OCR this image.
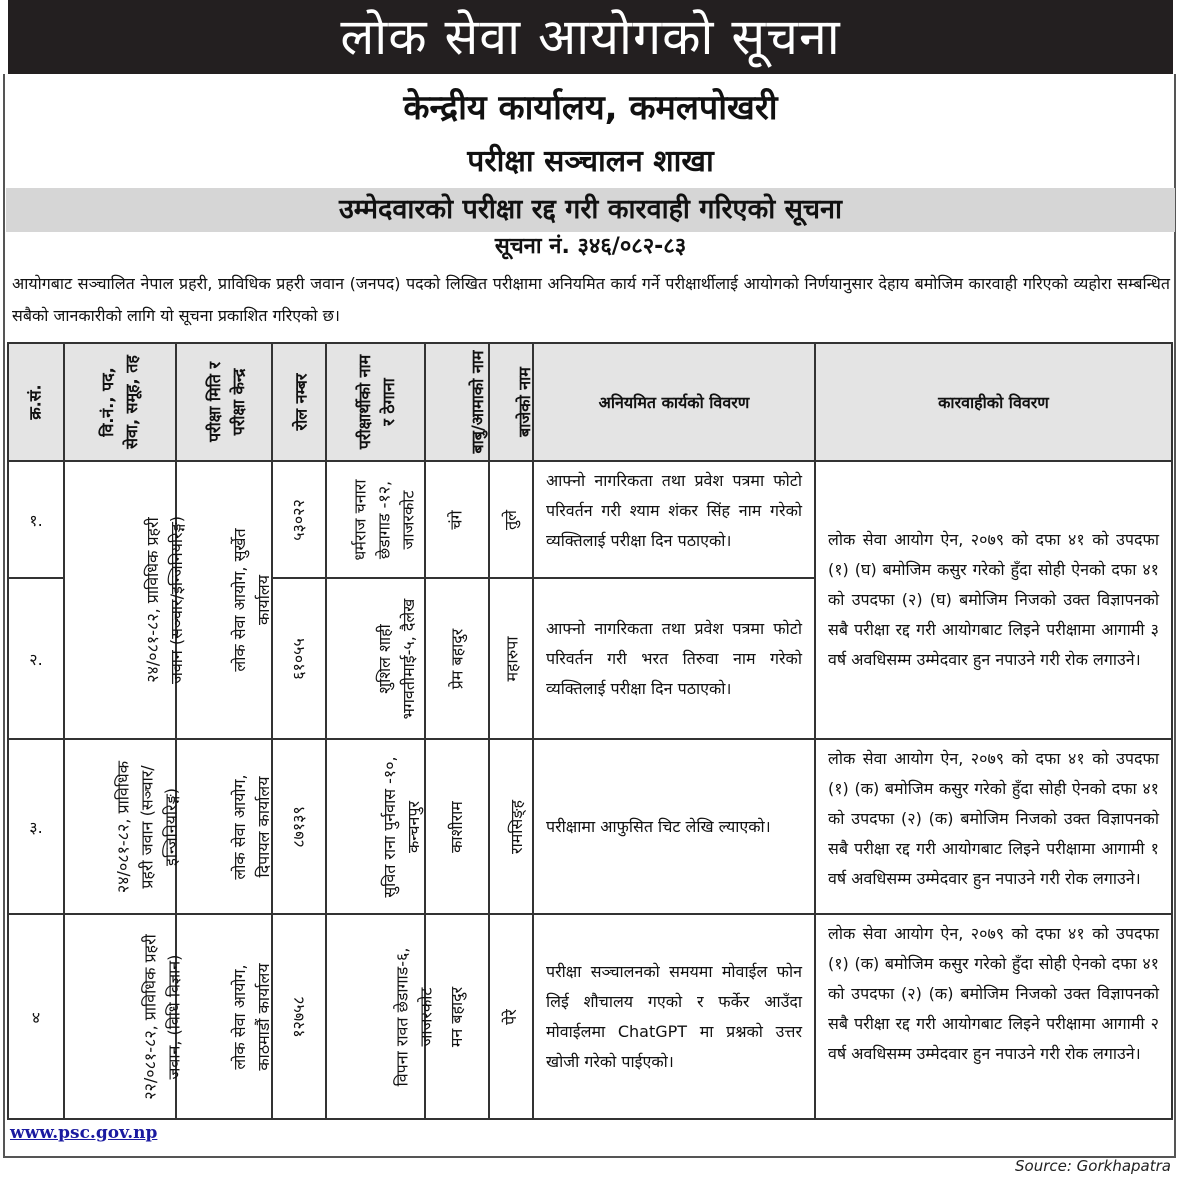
लोक सेवा आयोगको सूचना
केन्द्रीय कार्यालय, कमलपोखरी
परीक्षा सञ्चालन शाखा
उम्मेदवारको परीक्षा रद्द गरी कारवाही गरिएको सूचना
सूचना नं. ३४६/०८२-८३
आयोगबाट सञ्चालित नेपाल प्रहरी, प्राविधिक प्रहरी जवान (जनपद) पदको लिखित परीक्षामा अनियमित कार्य गर्ने परीक्षार्थीलाई आयोगको निर्णयानुसार देहाय बमोजिम कारवाही गरिएको व्यहोरा सम्बन्धित सबैको जानकारीको लागि यो सूचना प्रकाशित गरिएको छ।
क्र.सं.	वि.नं., पद, सेवा, समूह, तह	परीक्षा मिति र परीक्षा केन्द्र	रोल नम्बर	परीक्षार्थीको नाम र ठेगाना	बाबु/आमाको नाम	बाजेको नाम	अनियमित कार्यको विवरण	कारवाहीको विवरण
१.	२४/०८१-८२, प्राविधिक प्रहरी जवान (सञ्चार/इन्जिनियरिङ्ग)	लोक सेवा आयोग, सुर्खेत कार्यालय	५३०२२	धर्मराज चनारा छेडागाड -१२, जाजरकोट	चंगे	तुले	आफ्नो नागरिकता तथा प्रवेश पत्रमा फोटो परिवर्तन गरी श्याम शंकर सिंह नाम गरेको व्यक्तिलाई परीक्षा दिन पठाएको।	लोक सेवा आयोग ऐन, २०७९ को दफा ४१ को उपदफा (१) (घ) बमोजिम कसुर गरेको हुँदा सोही ऐनको दफा ४१ को उपदफा (२) (घ) बमोजिम निजको उक्त विज्ञापनको सबै परीक्षा रद्द गरी आयोगबाट लिइने परीक्षामा आगामी ३ वर्ष अवधिसम्म उम्मेदवार हुन नपाउने गरी रोक लगाउने।
२.			६१०५५	शुशिल शाही भगवतीमाई-५, दैलेख	प्रेम बहादुर	महारुपा	आफ्नो नागरिकता तथा प्रवेश पत्रमा फोटो परिवर्तन गरी भरत तिरुवा नाम गरेको व्यक्तिलाई परीक्षा दिन पठाएको।	
३.	२४/०८१-८२, प्राविधिक प्रहरी जवान (सञ्चार/इन्जिनियरिङ्ग)	लोक सेवा आयोग, दिपायल कार्यालय	८७१३९	सुवित राना पुर्नवास -१०, कन्चनपुर	काशीराम	रामसिङ्ह	परीक्षामा आफुसित चिट लेखि ल्याएको।	लोक सेवा आयोग ऐन, २०७९ को दफा ४१ को उपदफा (१) (क) बमोजिम कसुर गरेको हुँदा सोही ऐनको दफा ४१ को उपदफा (२) (क) बमोजिम निजको उक्त विज्ञापनको सबै परीक्षा रद्द गरी आयोगबाट लिइने परीक्षामा आगामी १ वर्ष अवधिसम्म उम्मेदवार हुन नपाउने गरी रोक लगाउने।
४	२२/०८१-८२, प्राविधिक प्रहरी जवान, (विधि विज्ञान)	लोक सेवा आयोग, काठमाडौं कार्यालय	१२७५८	विपना रावत छेडागाड-६, जाजरकोट	मन बहादुर	पेरे	परीक्षा सञ्चालनको समयमा मोवाईल फोन लिई शौचालय गएको र फर्केर आउँदा मोवाईलमा ChatGPT मा प्रश्नको उत्तर खोजी गरेको पाईएको।	लोक सेवा आयोग ऐन, २०७९ को दफा ४१ को उपदफा (१) (क) बमोजिम कसुर गरेको हुँदा सोही ऐनको दफा ४१ को उपदफा (२) (क) बमोजिम निजको उक्त विज्ञापनको सबै परीक्षा रद्द गरी आयोगबाट लिइने परीक्षामा आगामी २ वर्ष अवधिसम्म उम्मेदवार हुन नपाउने गरी रोक लगाउने।
www.psc.gov.np
Source: Gorkhapatra
